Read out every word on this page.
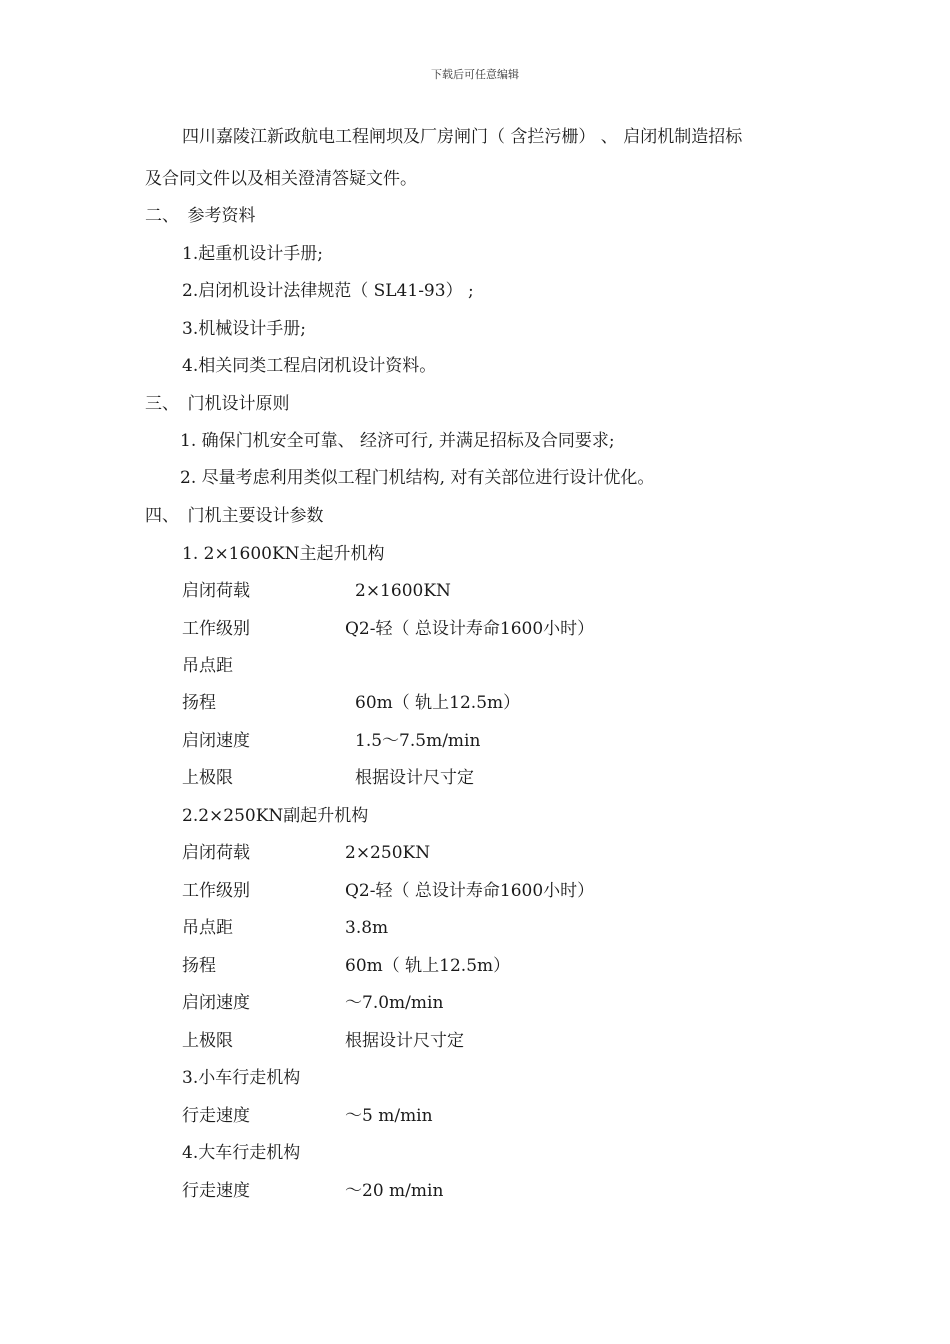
下载后可任意编辑
四川嘉陵江新政航电工程闸坝及厂房闸门（ 含拦污栅） 、 启闭机制造招标
及合同文件以及相关澄清答疑文件。
二、　参考资料
1.起重机设计手册;
2.启闭机设计法律规范（ SL41-93） ;
3.机械设计手册;
4.相关同类工程启闭机设计资料。
三、　门机设计原则
1. 确保门机安全可靠、 经济可行, 并满足招标及合同要求;
2. 尽量考虑利用类似工程门机结构, 对有关部位进行设计优化。
四、　门机主要设计参数
1. 2×1600KN主起升机构
启闭荷载	2×1600KN
工作级别	Q2-轻（ 总设计寿命1600小时）
吊点距
扬程	60m（ 轨上12.5m）
启闭速度	1.5～7.5m/min
上极限	根据设计尺寸定
2.2×250KN副起升机构
启闭荷载	2×250KN
工作级别	Q2-轻（ 总设计寿命1600小时）
吊点距	3.8m
扬程	60m（ 轨上12.5m）
启闭速度	～7.0m/min
上极限	根据设计尺寸定
3.小车行走机构
行走速度	～5 m/min
4.大车行走机构
行走速度	～20 m/min
